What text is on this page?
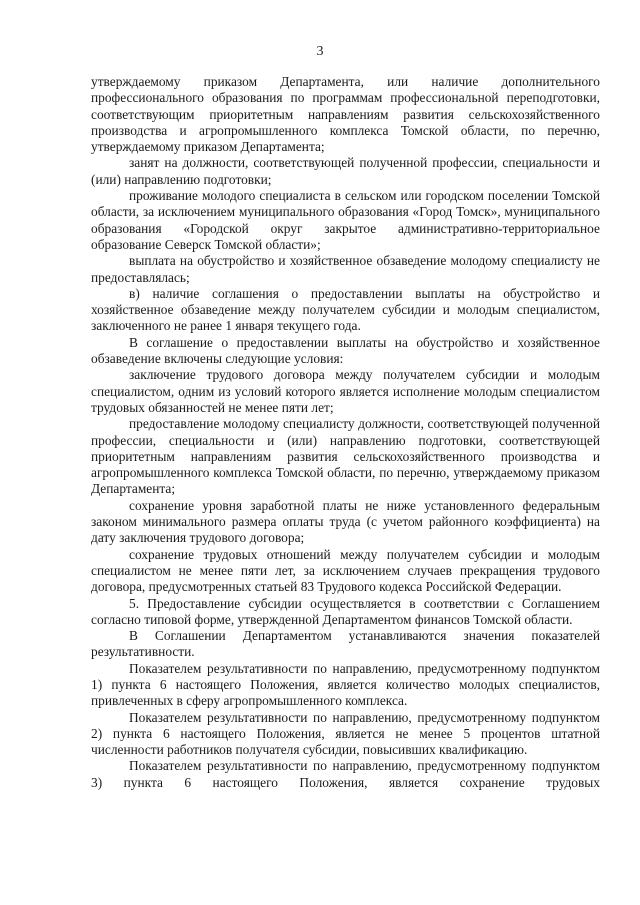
3

утверждаемому приказом Департамента, или наличие дополнительного профессионального образования по программам профессиональной переподготовки, соответствующим приоритетным направлениям развития сельскохозяйственного производства и агропромышленного комплекса Томской области, по перечню, утверждаемому приказом Департамента;

занят на должности, соответствующей полученной профессии, специальности и (или) направлению подготовки;

проживание молодого специалиста в сельском или городском поселении Томской области, за исключением муниципального образования «Город Томск», муниципального образования «Городской округ закрытое административно-территориальное образование Северск Томской области»;

выплата на обустройство и хозяйственное обзаведение молодому специалисту не предоставлялась;

в) наличие соглашения о предоставлении выплаты на обустройство и хозяйственное обзаведение между получателем субсидии и молодым специалистом, заключенного не ранее 1 января текущего года.

В соглашение о предоставлении выплаты на обустройство и хозяйственное обзаведение включены следующие условия:

заключение трудового договора между получателем субсидии и молодым специалистом, одним из условий которого является исполнение молодым специалистом трудовых обязанностей не менее пяти лет;

предоставление молодому специалисту должности, соответствующей полученной профессии, специальности и (или) направлению подготовки, соответствующей приоритетным направлениям развития сельскохозяйственного производства и агропромышленного комплекса Томской области, по перечню, утверждаемому приказом Департамента;

сохранение уровня заработной платы не ниже установленного федеральным законом минимального размера оплаты труда (с учетом районного коэффициента) на дату заключения трудового договора;

сохранение трудовых отношений между получателем субсидии и молодым специалистом не менее пяти лет, за исключением случаев прекращения трудового договора, предусмотренных статьей 83 Трудового кодекса Российской Федерации.

5. Предоставление субсидии осуществляется в соответствии с Соглашением согласно типовой форме, утвержденной Департаментом финансов Томской области.

В Соглашении Департаментом устанавливаются значения показателей результативности.

Показателем результативности по направлению, предусмотренному подпунктом 1) пункта 6 настоящего Положения, является количество молодых специалистов, привлеченных в сферу агропромышленного комплекса.

Показателем результативности по направлению, предусмотренному подпунктом 2) пункта 6 настоящего Положения, является не менее 5 процентов штатной численности работников получателя субсидии, повысивших квалификацию.

Показателем результативности по направлению, предусмотренному подпунктом 3) пункта 6 настоящего Положения, является сохранение трудовых
